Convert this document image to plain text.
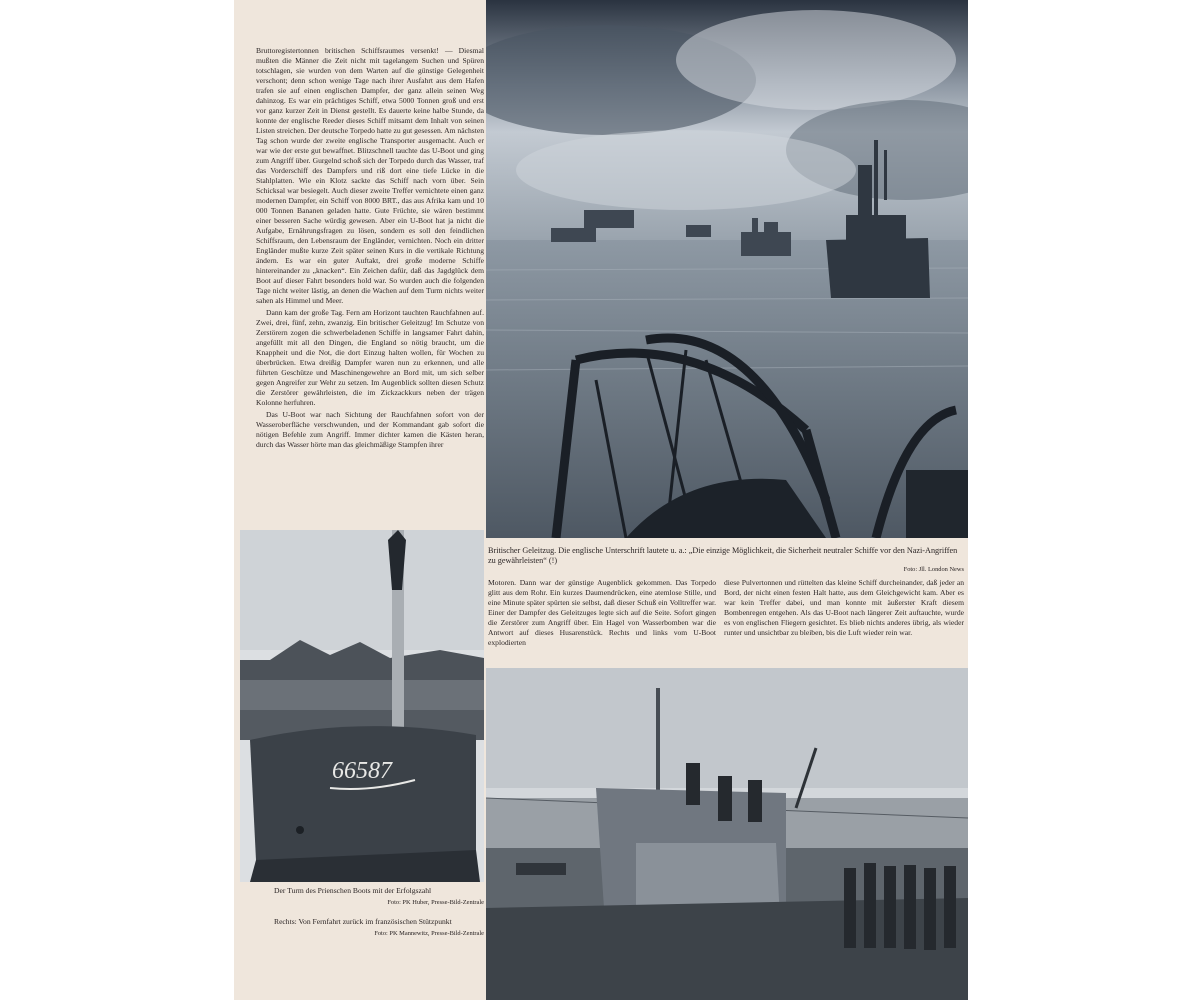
Bruttoregistertonnen britischen Schiffsraumes versenkt! — Diesmal mußten die Männer die Zeit nicht mit tagelangem Suchen und Spüren totschlagen, sie wurden von dem Warten auf die günstige Gelegenheit verschont; denn schon wenige Tage nach ihrer Ausfahrt aus dem Hafen trafen sie auf einen englischen Dampfer, der ganz allein seinen Weg dahinzog. Es war ein prächtiges Schiff, etwa 5000 Tonnen groß und erst vor ganz kurzer Zeit in Dienst gestellt. Es dauerte keine halbe Stunde, da konnte der englische Reeder dieses Schiff mitsamt dem Inhalt von seinen Listen streichen. Der deutsche Torpedo hatte zu gut gesessen. Am nächsten Tag schon wurde der zweite englische Transporter ausgemacht. Auch er war wie der erste gut bewaffnet. Blitzschnell tauchte das U-Boot und ging zum Angriff über. Gurgelnd schoß sich der Torpedo durch das Wasser, traf das Vorderschiff des Dampfers und riß dort eine tiefe Lücke in die Stahlplatten. Wie ein Klotz sackte das Schiff nach vorn über. Sein Schicksal war besiegelt. Auch dieser zweite Treffer vernichtete einen ganz modernen Dampfer, ein Schiff von 8000 BRT., das aus Afrika kam und 10 000 Tonnen Bananen geladen hatte. Gute Früchte, sie wären bestimmt einer besseren Sache würdig gewesen. Aber ein U-Boot hat ja nicht die Aufgabe, Ernährungsfragen zu lösen, sondern es soll den feindlichen Schiffsraum, den Lebensraum der Engländer, vernichten. Noch ein dritter Engländer mußte kurze Zeit später seinen Kurs in die vertikale Richtung ändern. Es war ein guter Auftakt, drei große moderne Schiffe hintereinander zu „knacken“. Ein Zeichen dafür, daß das Jagdglück dem Boot auf dieser Fahrt besonders hold war. So wurden auch die folgenden Tage nicht weiter lästig, an denen die Wachen auf dem Turm nichts weiter sahen als Himmel und Meer.

Dann kam der große Tag. Fern am Horizont tauchten Rauchfahnen auf. Zwei, drei, fünf, zehn, zwanzig. Ein britischer Geleitzug! Im Schutze von Zerstörern zogen die schwerbeladenen Schiffe in langsamer Fahrt dahin, angefüllt mit all den Dingen, die England so nötig braucht, um die Knappheit und die Not, die dort Einzug halten wollen, für Wochen zu überbrücken. Etwa dreißig Dampfer waren nun zu erkennen, und alle führten Geschütze und Maschinengewehre an Bord mit, um sich selber gegen Angreifer zur Wehr zu setzen. Im Augenblick sollten diesen Schutz die Zerstörer gewährleisten, die im Zickzackkurs neben der trägen Kolonne herfuhren.

Das U-Boot war nach Sichtung der Rauchfahnen sofort von der Wasseroberfläche verschwunden, und der Kommandant gab sofort die nötigen Befehle zum Angriff. Immer dichter kamen die Kästen heran, durch das Wasser hörte man das gleichmäßige Stampfen ihrer

Britischer Geleitzug. Die englische Unterschrift lautete u. a.: „Die einzige Möglichkeit, die Sicherheit neutraler Schiffe vor den Nazi-Angriffen zu gewährleisten“ (!)
Foto: Jll. London News

Motoren. Dann war der günstige Augenblick gekommen. Das Torpedo glitt aus dem Rohr. Ein kurzes Daumendrücken, eine atemlose Stille, und eine Minute später spürten sie selbst, daß dieser Schuß ein Volltreffer war. Einer der Dampfer des Geleitzuges legte sich auf die Seite. Sofort gingen die Zerstörer zum Angriff über. Ein Hagel von Wasserbomben war die Antwort auf dieses Husarenstück. Rechts und links vom U-Boot explodierten

diese Pulvertonnen und rüttelten das kleine Schiff durcheinander, daß jeder an Bord, der nicht einen festen Halt hatte, aus dem Gleichgewicht kam. Aber es war kein Treffer dabei, und man konnte mit äußerster Kraft diesem Bombenregen entgehen. Als das U-Boot nach längerer Zeit auftauchte, wurde es von englischen Fliegern gesichtet. Es blieb nichts anderes übrig, als wieder runter und unsichtbar zu bleiben, bis die Luft wieder rein war.

66587
Der Turm des Prienschen Boots mit der Erfolgszahl
Foto: PK Huber, Presse-Bild-Zentrale
Rechts: Von Fernfahrt zurück im französischen Stützpunkt
Foto: PK Mannewitz, Presse-Bild-Zentrale
